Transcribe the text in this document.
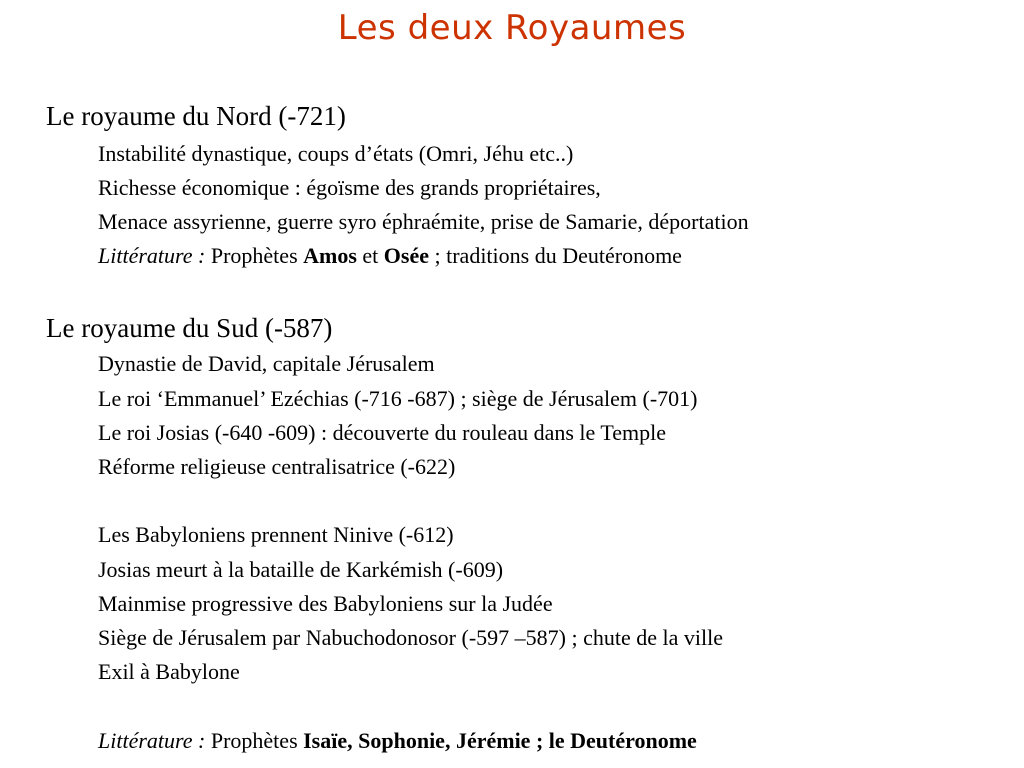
Les deux Royaumes
Le royaume du Nord (-721)
Instabilité dynastique, coups d’états (Omri, Jéhu etc..)
Richesse économique : égoïsme des grands propriétaires,
Menace assyrienne, guerre syro éphraémite, prise de Samarie, déportation
Littérature : Prophètes Amos et Osée ; traditions du Deutéronome
Le royaume du Sud (-587)
Dynastie de David, capitale Jérusalem
Le roi ‘Emmanuel’ Ezéchias (-716 -687) ; siège de Jérusalem (-701)
Le roi Josias (-640 -609) : découverte du rouleau dans le Temple
Réforme religieuse centralisatrice (-622)
Les Babyloniens prennent Ninive (-612)
Josias meurt à la bataille de Karkémish (-609)
Mainmise progressive des Babyloniens sur la Judée
Siège de Jérusalem par Nabuchodonosor (-597 –587) ; chute de la ville
Exil à Babylone
Littérature : Prophètes Isaïe, Sophonie, Jérémie ; le Deutéronome
